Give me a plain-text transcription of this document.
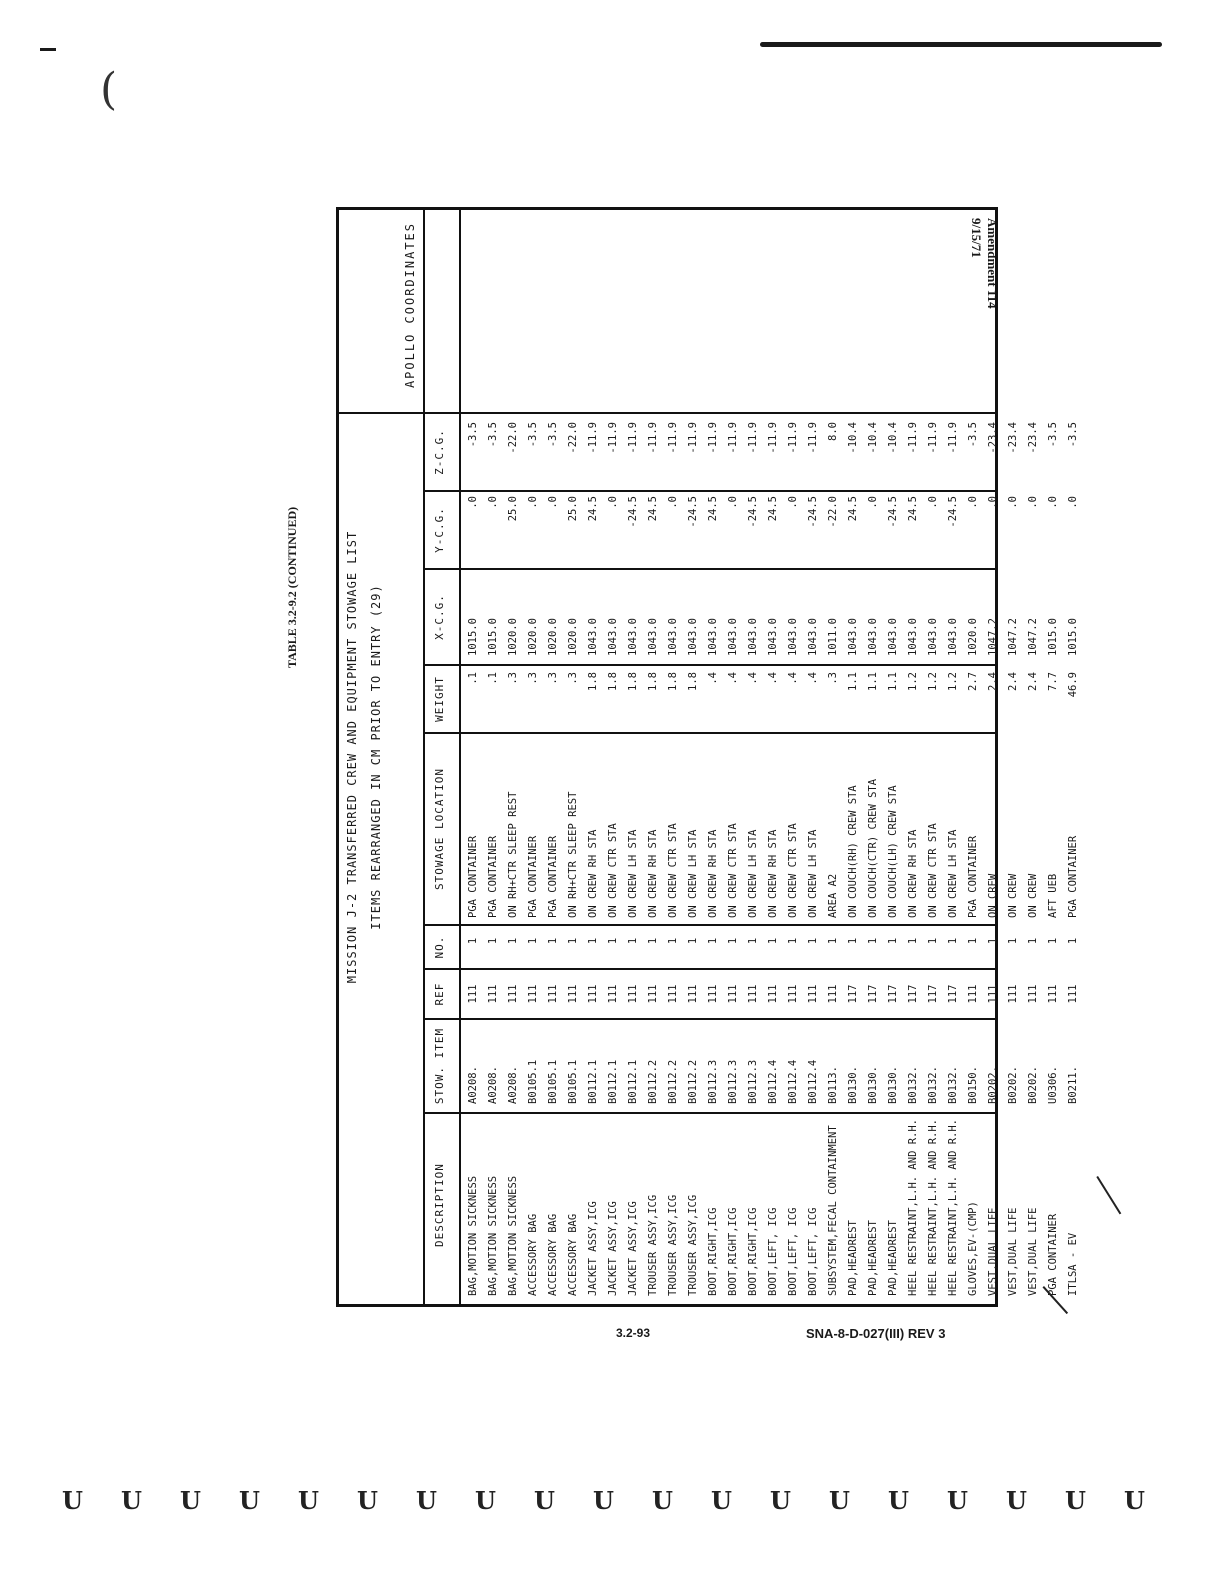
(
Amendment 114
9/15/71
TABLE 3.2-9.2 (CONTINUED)	MISSION J-2 TRANSFERRED CREW AND EQUIPMENT STOWAGE LIST ITEMS REARRANGED IN CM PRIOR TO ENTRY (29)
APOLLO COORDINATES
DESCRIPTION
STOW. ITEM
REF
NO.
STOWAGE LOCATION
WEIGHT
X-C.G.
Y-C.G.
Z-C.G.
BAG,MOTION SICKNESS
A0208.
111
1
PGA CONTAINER
.1
1015.0
.0
-3.5
BAG,MOTION SICKNESS
A0208.
111
1
PGA CONTAINER
.1
1015.0
.0
-3.5
BAG,MOTION SICKNESS
A0208.
111
1
ON RH+CTR SLEEP REST
.3
1020.0
25.0
-22.0
ACCESSORY BAG
B0105.1
111
1
PGA CONTAINER
.3
1020.0
.0
-3.5
ACCESSORY BAG
B0105.1
111
1
PGA CONTAINER
.3
1020.0
.0
-3.5
ACCESSORY BAG
B0105.1
111
1
ON RH+CTR SLEEP REST
.3
1020.0
25.0
-22.0
JACKET ASSY,ICG
B0112.1
111
1
ON CREW RH STA
1.8
1043.0
24.5
-11.9
JACKET ASSY,ICG
B0112.1
111
1
ON CREW CTR STA
1.8
1043.0
.0
-11.9
JACKET ASSY,ICG
B0112.1
111
1
ON CREW LH STA
1.8
1043.0
-24.5
-11.9
TROUSER ASSY,ICG
B0112.2
111
1
ON CREW RH STA
1.8
1043.0
24.5
-11.9
TROUSER ASSY,ICG
B0112.2
111
1
ON CREW CTR STA
1.8
1043.0
.0
-11.9
TROUSER ASSY,ICG
B0112.2
111
1
ON CREW LH STA
1.8
1043.0
-24.5
-11.9
BOOT,RIGHT,ICG
B0112.3
111
1
ON CREW RH STA
.4
1043.0
24.5
-11.9
BOOT,RIGHT,ICG
B0112.3
111
1
ON CREW CTR STA
.4
1043.0
.0
-11.9
BOOT,RIGHT,ICG
B0112.3
111
1
ON CREW LH STA
.4
1043.0
-24.5
-11.9
BOOT,LEFT, ICG
B0112.4
111
1
ON CREW RH STA
.4
1043.0
24.5
-11.9
BOOT,LEFT, ICG
B0112.4
111
1
ON CREW CTR STA
.4
1043.0
.0
-11.9
BOOT,LEFT, ICG
B0112.4
111
1
ON CREW LH STA
.4
1043.0
-24.5
-11.9
SUBSYSTEM,FECAL CONTAINMENT
B0113.
111
1
AREA A2
.3
1011.0
-22.0
8.0
PAD,HEADREST
B0130.
117
1
ON COUCH(RH) CREW STA
1.1
1043.0
24.5
-10.4
PAD,HEADREST
B0130.
117
1
ON COUCH(CTR) CREW STA
1.1
1043.0
.0
-10.4
PAD,HEADREST
B0130.
117
1
ON COUCH(LH) CREW STA
1.1
1043.0
-24.5
-10.4
HEEL RESTRAINT,L.H. AND R.H.
B0132.
117
1
ON CREW RH STA
1.2
1043.0
24.5
-11.9
HEEL RESTRAINT,L.H. AND R.H.
B0132.
117
1
ON CREW CTR STA
1.2
1043.0
.0
-11.9
HEEL RESTRAINT,L.H. AND R.H.
B0132.
117
1
ON CREW LH STA
1.2
1043.0
-24.5
-11.9
GLOVES,EV-(CMP)
B0150.
111
1
PGA CONTAINER
2.7
1020.0
.0
-3.5
VEST,DUAL LIFE
B0202.
111
1
ON CREW
2.4
1047.2
.0
-23.4
VEST,DUAL LIFE
B0202.
111
1
ON CREW
2.4
1047.2
.0
-23.4
VEST,DUAL LIFE
B0202.
111
1
ON CREW
2.4
1047.2
.0
-23.4
PGA CONTAINER
U0306.
111
1
AFT UEB
7.7
1015.0
.0
-3.5
ITLSA - EV
B0211.
111
1
PGA CONTAINER
46.9
1015.0
.0
-3.5
3.2-93	SNA-8-D-027(III) REV 3
U U U U U U U U U U U U U U U U U U U
